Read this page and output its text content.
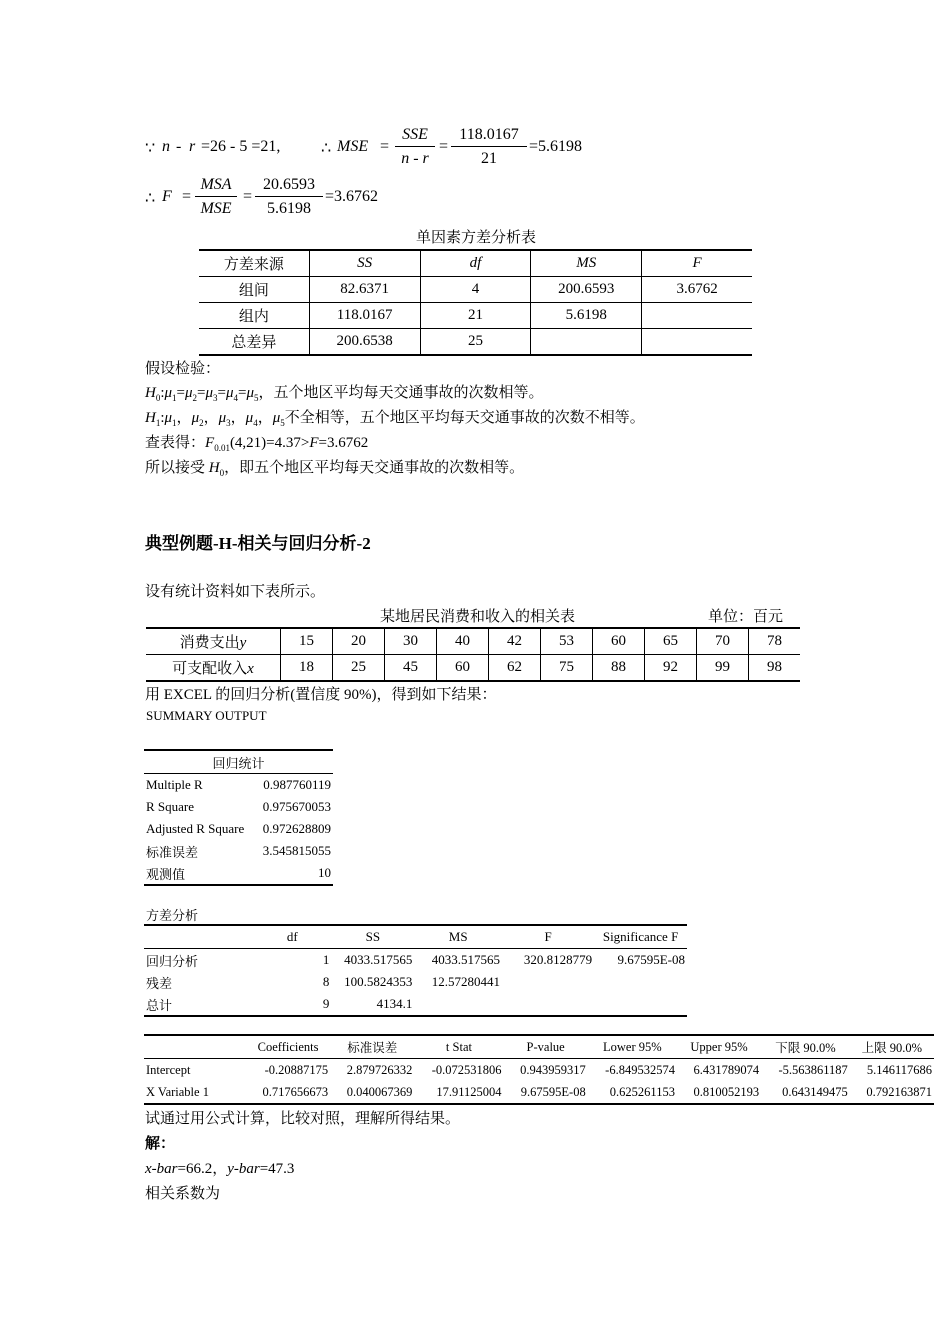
∵ n - r =26 - 5 =21,	∴ MSE =
SSE
n - r
= $\frac{118.0167}{21} =5.6198$
∴ F =
MSA
MSE
= $\frac{20.6593}{5.6198} =3.6762$
单因素方差分析表
方差来源	SS	df	MS	F
组间	82.6371	4	200.6593	3.6762
组内	118.0167	21	5.6198	
总差异	200.6538	25		
假设检验：
$H_0:\mu_1=\mu_2=\mu_3=\mu_4=\mu_5$，五个地区平均每天交通事故的次数相等。
$H_1:\mu_1$，$\mu_2$，$\mu_3$，$\mu_4$，$\mu_5$不全相等，五个地区平均每天交通事故的次数不相等。
查表得：$F_{0.01}(4,21)=4.37>F=3.6762$
所以接受 $H_0$，即五个地区平均每天交通事故的次数相等。
典型例题-H-相关与回归分析-2
设有统计资料如下表所示。
某地居民消费和收入的相关表	单位：百元
消费支出y	15	20	30	40	42	53	60	65	70	78
可支配收入x	18	25	45	60	62	75	88	92	99	98
用 EXCEL 的回归分析(置信度 90%)，得到如下结果：
SUMMARY OUTPUT
回归统计	
Multiple R	0.987760119
R Square	0.975670053
Adjusted R Square	0.972628809
标准误差	3.545815055
观测值	10
方差分析
	df	SS	MS	F	Significance F
回归分析	1	4033.517565	4033.517565	320.8128779	9.67595E-08
残差	8	100.5824353	12.57280441		
总计	9	4134.1			
	Coefficients	标准误差	t Stat	P-value	Lower 95%	Upper 95%	下限 90.0%	上限 90.0%
Intercept	-0.20887175	2.879726332	-0.072531806	0.943959317	-6.849532574	6.431789074	-5.563861187	5.146117686
X Variable 1	0.717656673	0.040067369	17.91125004	9.67595E-08	0.625261153	0.810052193	0.643149475	0.792163871
试通过用公式计算，比较对照，理解所得结果。
解：
x-bar=66.2，y-bar=47.3
相关系数为
